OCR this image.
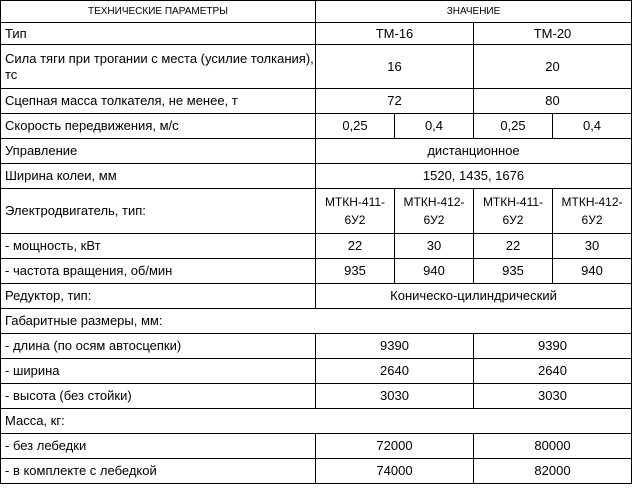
ТЕХНИЧЕСКИЕ ПАРАМЕТРЫ	ЗНАЧЕНИЕ			
Тип	ТМ-16		ТМ-20	
Сила тяги при трогании с места (усилие толкания), тс	16		20	
Сцепная масса толкателя, не менее, т	72		80	
Скорость передвижения, м/с	0,25	0,4	0,25	0,4
Управление	дистанционное			
Ширина колеи, мм	1520, 1435, 1676			
Электродвигатель, тип:	МТКН-411-6У2	МТКН-412-6У2	МТКН-411-6У2	МТКН-412-6У2
- мощность, кВт	22	30	22	30
- частота вращения, об/мин	935	940	935	940
Редуктор, тип:	Коническо-цилиндрический			
Габаритные размеры, мм:				
- длина (по осям автосцепки)	9390		9390	
- ширина	2640		2640	
- высота (без стойки)	3030		3030	
Масса, кг:				
- без лебедки	72000		80000	
- в комплекте с лебедкой	74000		82000	
